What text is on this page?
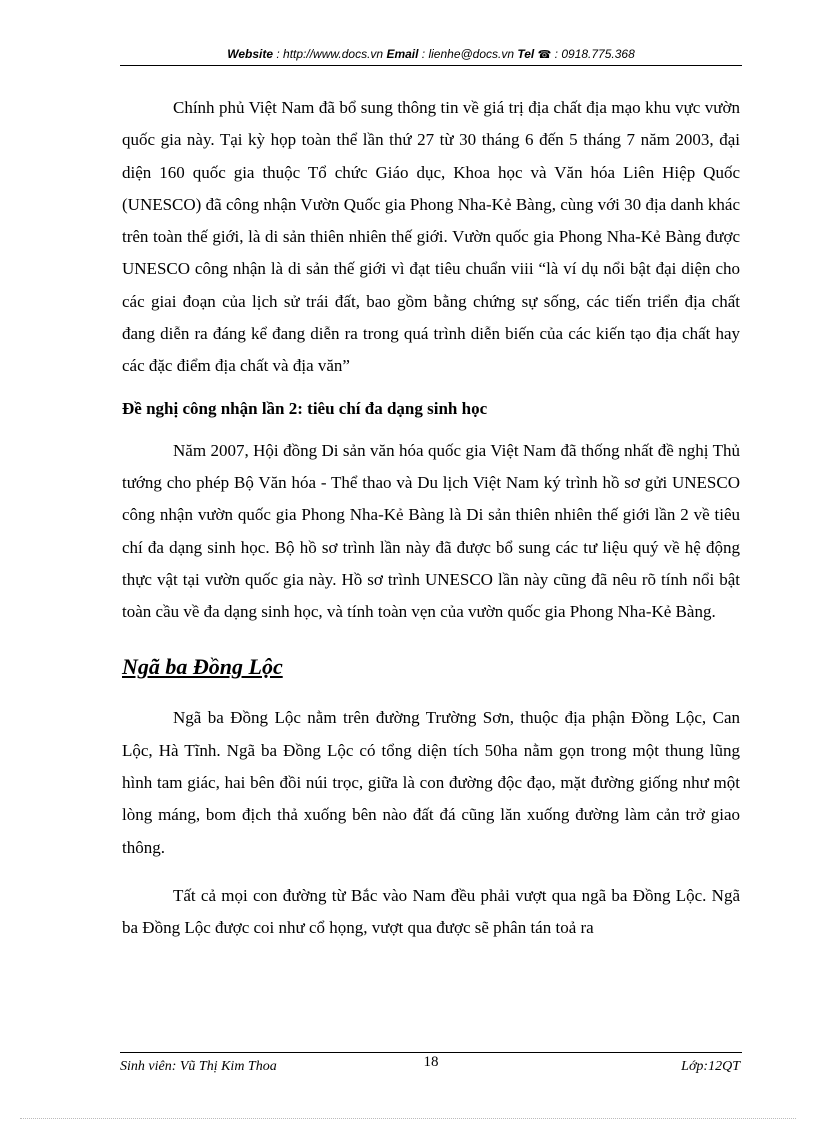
Website : http://www.docs.vn Email : lienhe@docs.vn Tel ☎ : 0918.775.368

Chính phủ Việt Nam đã bổ sung thông tin về giá trị địa chất địa mạo khu vực vườn quốc gia này. Tại kỳ họp toàn thể lần thứ 27 từ 30 tháng 6 đến 5 tháng 7 năm 2003, đại diện 160 quốc gia thuộc Tổ chức Giáo dục, Khoa học và Văn hóa Liên Hiệp Quốc (UNESCO) đã công nhận Vườn Quốc gia Phong Nha-Kẻ Bàng, cùng với 30 địa danh khác trên toàn thế giới, là di sản thiên nhiên thế giới. Vườn quốc gia Phong Nha-Kẻ Bàng được UNESCO công nhận là di sản thế giới vì đạt tiêu chuẩn viii “là ví dụ nổi bật đại diện cho các giai đoạn của lịch sử trái đất, bao gồm bằng chứng sự sống, các tiến triển địa chất đang diễn ra đáng kể đang diễn ra trong quá trình diễn biến của các kiến tạo địa chất hay các đặc điểm địa chất và địa văn”

Đề nghị công nhận lần 2: tiêu chí đa dạng sinh học

Năm 2007, Hội đồng Di sản văn hóa quốc gia Việt Nam đã thống nhất đề nghị Thủ tướng cho phép Bộ Văn hóa - Thể thao và Du lịch Việt Nam ký trình hồ sơ gửi UNESCO công nhận vườn quốc gia Phong Nha-Kẻ Bàng là Di sản thiên nhiên thế giới lần 2 về tiêu chí đa dạng sinh học. Bộ hồ sơ trình lần này đã được bổ sung các tư liệu quý về hệ động thực vật tại vườn quốc gia này. Hồ sơ trình UNESCO lần này cũng đã nêu rõ tính nổi bật toàn cầu về đa dạng sinh học, và tính toàn vẹn của vườn quốc gia Phong Nha-Kẻ Bàng.

Ngã ba Đồng Lộc

Ngã ba Đồng Lộc nằm trên đường Trường Sơn, thuộc địa phận Đồng Lộc, Can Lộc, Hà Tĩnh. Ngã ba Đồng Lộc có tổng diện tích 50ha nằm gọn trong một thung lũng hình tam giác, hai bên đồi núi trọc, giữa là con đường độc đạo, mặt đường giống như một lòng máng, bom địch thả xuống bên nào đất đá cũng lăn xuống đường làm cản trở giao thông.

Tất cả mọi con đường từ Bắc vào Nam đều phải vượt qua ngã ba Đồng Lộc. Ngã ba Đồng Lộc được coi như cổ họng, vượt qua được sẽ phân tán toả ra

Sinh viên: Vũ Thị Kim Thoa	18	Lớp:12QT
